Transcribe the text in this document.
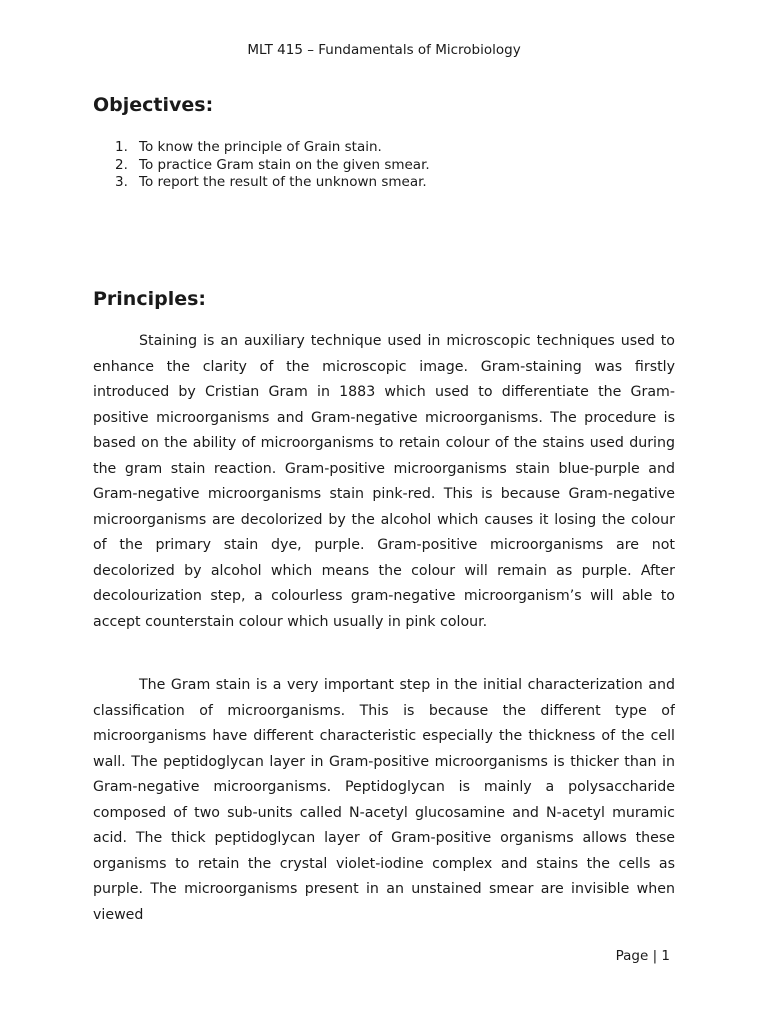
MLT 415 – Fundamentals of Microbiology
Objectives:
1. To know the principle of Grain stain.
2. To practice Gram stain on the given smear.
3. To report the result of the unknown smear.
Principles:

Staining is an auxiliary technique used in microscopic techniques used to enhance the clarity of the microscopic image. Gram-staining was firstly introduced by Cristian Gram in 1883 which used to differentiate the Gram-positive microorganisms and Gram-negative microorganisms. The procedure is based on the ability of microorganisms to retain colour of the stains used during the gram stain reaction. Gram-positive microorganisms stain blue-purple and Gram-negative microorganisms stain pink-red. This is because Gram-negative microorganisms are decolorized by the alcohol which causes it losing the colour of the primary stain dye, purple. Gram-positive microorganisms are not decolorized by alcohol which means the colour will remain as purple. After decolourization step, a colourless gram-negative microorganism’s will able to accept counterstain colour which usually in pink colour.

The Gram stain is a very important step in the initial characterization and classification of microorganisms. This is because the different type of microorganisms have different characteristic especially the thickness of the cell wall. The peptidoglycan layer in Gram-positive microorganisms is thicker than in Gram-negative microorganisms. Peptidoglycan is mainly a polysaccharide composed of two sub-units called N-acetyl glucosamine and N-acetyl muramic acid. The thick peptidoglycan layer of Gram-positive organisms allows these organisms to retain the crystal violet-iodine complex and stains the cells as purple. The microorganisms present in an unstained smear are invisible when viewed

Page | 1
